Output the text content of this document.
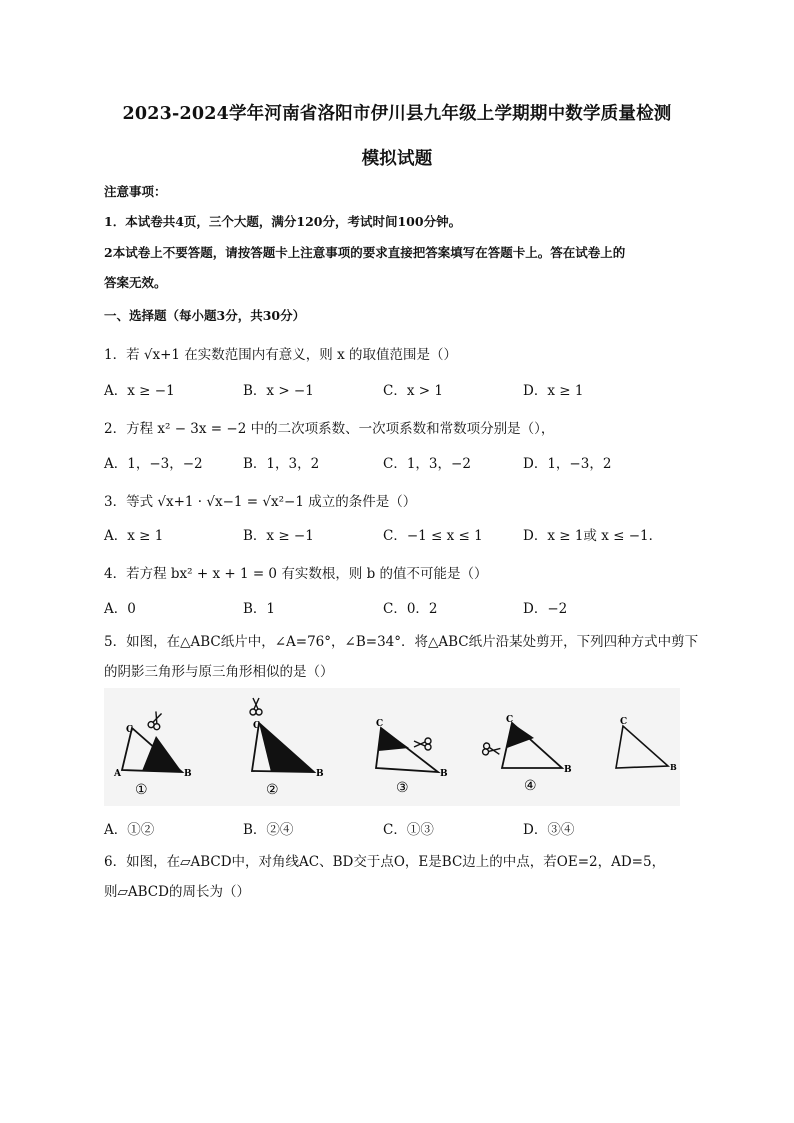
2023-2024学年河南省洛阳市伊川县九年级上学期期中数学质量检测
模拟试题
注意事项：
1．本试卷共4页，三个大题，满分120分，考试时间100分钟。
2本试卷上不要答题，请按答题卡上注意事项的要求直接把答案填写在答题卡上。答在试卷上的
答案无效。
一、选择题（每小题3分，共30分）
1．若 √x+1 在实数范围内有意义，则 x 的取值范围是（）
A．x ≥ −1	B．x > −1	C．x > 1	D．x ≥ 1
2．方程 x² − 3x = −2 中的二次项系数、一次项系数和常数项分别是（），
A．1，−3，−2	B．1，3，2	C．1，3，−2	D．1，−3，2
3．等式 √x+1 · √x−1 = √x²−1 成立的条件是（）
A．x ≥ 1	B．x ≥ −1	C．−1 ≤ x ≤ 1	D．x ≥ 1或 x ≤ −1．
4．若方程 bx² + x + 1 = 0 有实数根，则 b 的值不可能是（）
A．0	B．1	C．0．2	D．−2
5．如图，在△ABC纸片中，∠A=76°，∠B=34°．将△ABC纸片沿某处剪开，下列四种方式中剪下
的阴影三角形与原三角形相似的是（）
C
A	B
①
C
B
②
C
B
③
C
B
④
C
B
A．①②	B．②④	C．①③	D．③④
6．如图，在▱ABCD中，对角线AC、BD交于点O，E是BC边上的中点，若OE=2，AD=5，
则▱ABCD的周长为（）
